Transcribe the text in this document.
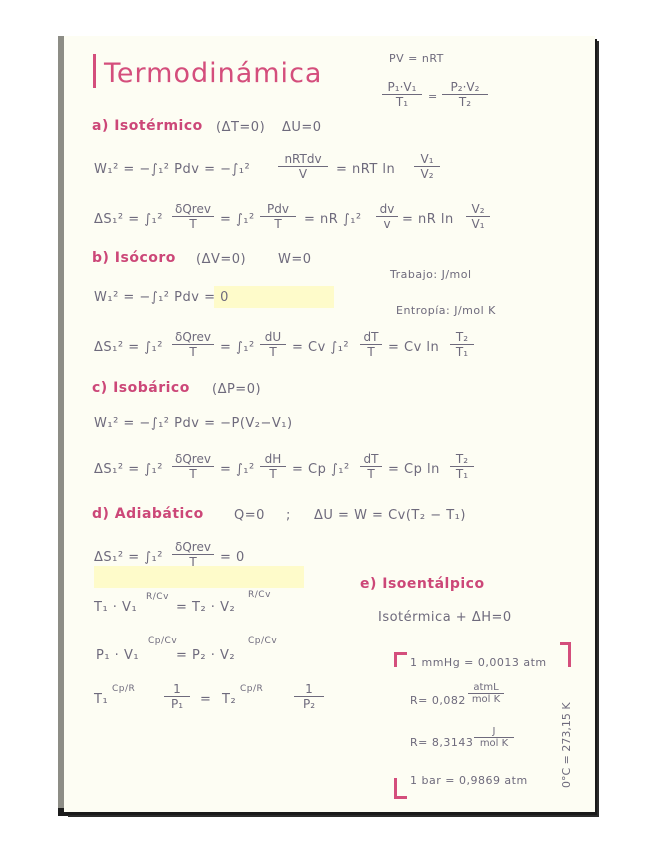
Termodinámica	PV = nRT
$\frac{\text{P₁·V₁}}{\text{T₁}} = \frac{\text{P₂·V₂}}{\text{T₂}}$
a) Isotérmico (ΔT=0) ΔU=0
W₁² = −∫₁² Pdv = −∫₁²
nRTdv
V	= nRT $\ln \frac{\text{V₁}}{\text{V₂}}$
ΔS₁² = ∫₁²
δQrev
T	= ∫₁²
Pdv
T	= nR $\int_1^2 \frac{dv}{v}$ = nR $\ln \frac{\text{V₂}}{\text{V₁}}$
b) Isócoro (ΔV=0) W=0
Trabajo: J/mol
Entropía: J/mol K
W₁² = −∫₁² Pdv = 0
ΔS₁² = ∫₁²
δQrev
T	= $\int_1^2 \frac{dU}{T} = Cv$ $\int_1^2 \frac{dT}{T} = Cv$ $\ln \frac{\text{T₂}}{\text{T₁}}$
c) Isobárico (ΔP=0)
W₁² = −∫₁² Pdv = −P(V₂−V₁)
ΔS₁² = ∫₁²
δQrev
T	= $\int_1^2 \frac{dH}{T} = Cp$ $\int_1^2 \frac{dT}{T} = Cp$ $\ln \frac{\text{T₂}}{\text{T₁}}$
d) Adiabático Q=0 ; ΔU = W = Cv(T₂ − T₁)
ΔS₁² = ∫₁²
δQrev
T	= 0
T₁ · V₁
R/Cv
= T₂ · V₂
R/Cv
P₁ · V₁
Cp/Cv
= P₂ · V₂
Cp/Cv
T₁
$Cp/R \frac{1}{\text{P₁}} = T_2$
Cp/R	$\frac{1}{\text{P₂}}$
e) Isoentálpico
Isotérmica + ΔH=0
1 mmHg = 0,0013 atm
R= 0,082
atmL
mol K
R= 8,3143
J
mol K
1 bar = 0,9869 atm	0°C = 273,15 K
